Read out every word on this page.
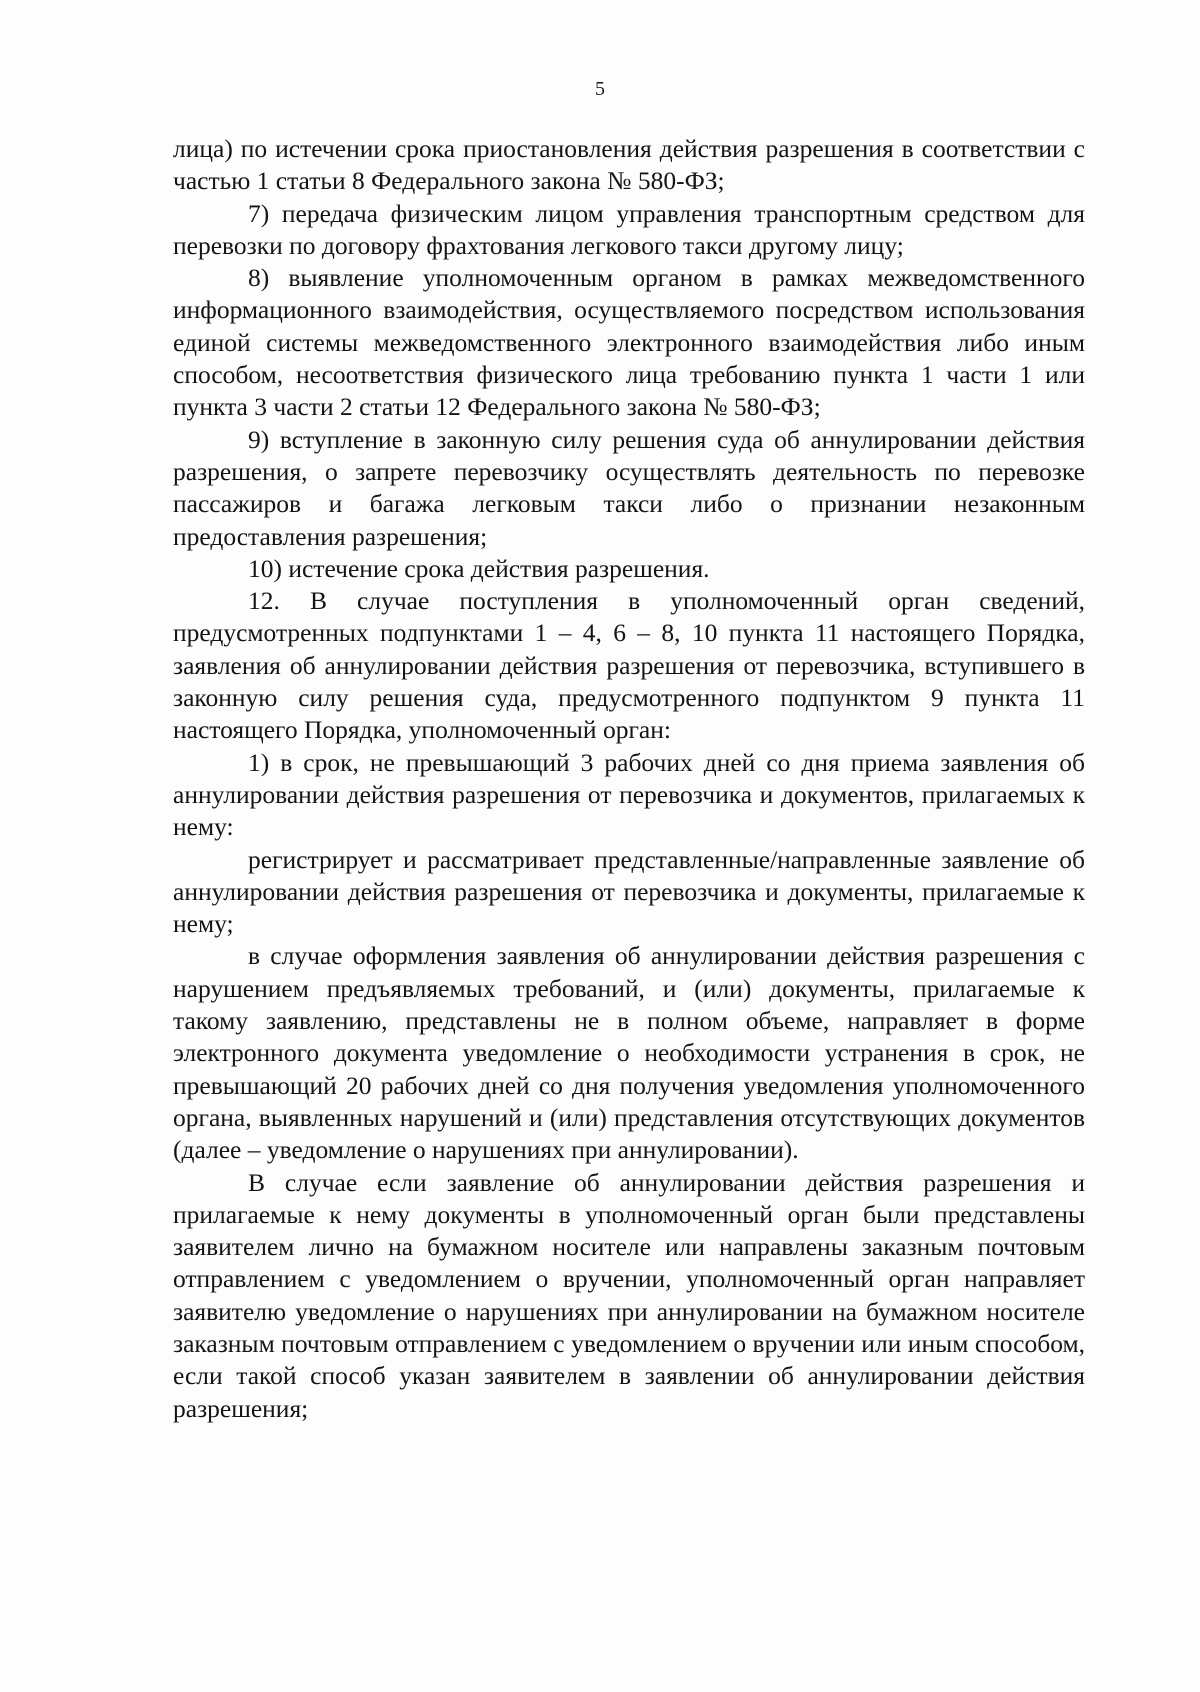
5

лица) по истечении срока приостановления действия разрешения в соответствии с частью 1 статьи 8 Федерального закона № 580-ФЗ;

7) передача физическим лицом управления транспортным средством для перевозки по договору фрахтования легкового такси другому лицу;

8) выявление уполномоченным органом в рамках межведомственного информационного взаимодействия, осуществляемого посредством использования единой системы межведомственного электронного взаимодействия либо иным способом, несоответствия физического лица требованию пункта 1 части 1 или пункта 3 части 2 статьи 12 Федерального закона № 580-ФЗ;

9) вступление в законную силу решения суда об аннулировании действия разрешения, о запрете перевозчику осуществлять деятельность по перевозке пассажиров и багажа легковым такси либо о признании незаконным предоставления разрешения;

10) истечение срока действия разрешения.

12. В случае поступления в уполномоченный орган сведений, предусмотренных подпунктами 1 – 4, 6 – 8, 10 пункта 11 настоящего Порядка, заявления об аннулировании действия разрешения от перевозчика, вступившего в законную силу решения суда, предусмотренного подпунктом 9 пункта 11 настоящего Порядка, уполномоченный орган:

1) в срок, не превышающий 3 рабочих дней со дня приема заявления об аннулировании действия разрешения от перевозчика и документов, прилагаемых к нему:

регистрирует и рассматривает представленные/направленные заявление об аннулировании действия разрешения от перевозчика и документы, прилагаемые к нему;

в случае оформления заявления об аннулировании действия разрешения с нарушением предъявляемых требований, и (или) документы, прилагаемые к такому заявлению, представлены не в полном объеме, направляет в форме электронного документа уведомление о необходимости устранения в срок, не превышающий 20 рабочих дней со дня получения уведомления уполномоченного органа, выявленных нарушений и (или) представления отсутствующих документов (далее – уведомление о нарушениях при аннулировании).

В случае если заявление об аннулировании действия разрешения и прилагаемые к нему документы в уполномоченный орган были представлены заявителем лично на бумажном носителе или направлены заказным почтовым отправлением с уведомлением о вручении, уполномоченный орган направляет заявителю уведомление о нарушениях при аннулировании на бумажном носителе заказным почтовым отправлением с уведомлением о вручении или иным способом, если такой способ указан заявителем в заявлении об аннулировании действия разрешения;
